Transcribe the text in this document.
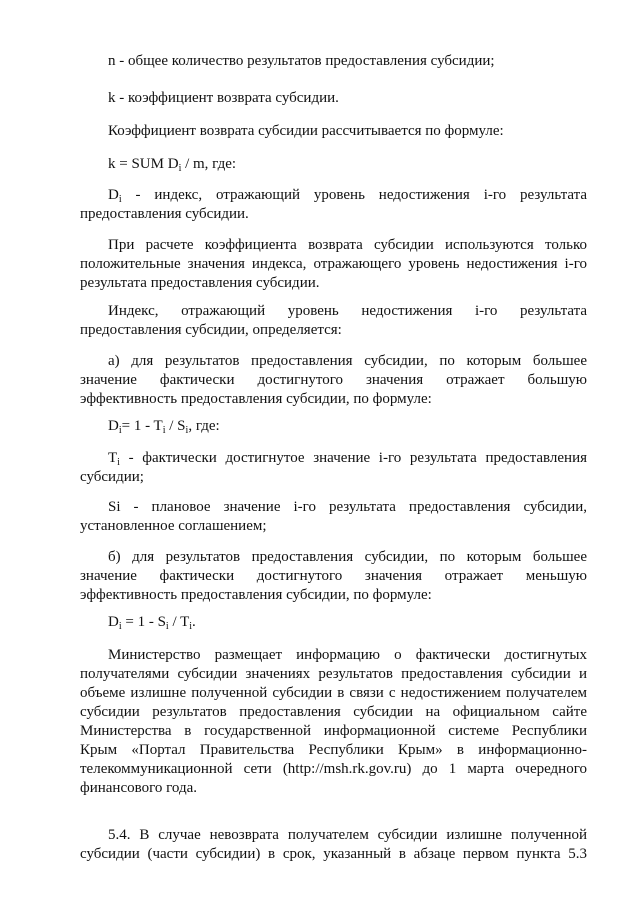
n - общее количество результатов предоставления субсидии;

k - коэффициент возврата субсидии.

Коэффициент возврата субсидии рассчитывается по формуле:

k = SUM $D_i$ / m, где:

$D_i$ - индекс, отражающий уровень недостижения i-го результата
предоставления субсидии.

При расчете коэффициента возврата субсидии используются только
положительные значения индекса, отражающего уровень недостижения i-го
результата предоставления субсидии.

Индекс, отражающий уровень недостижения i-го результата
предоставления субсидии, определяется:

а) для результатов предоставления субсидии, по которым большее
значение фактически достигнутого значения отражает большую
эффективность предоставления субсидии, по формуле:

$D_i= 1 - T_i / S_i$, где:

$T_i$ - фактически достигнутое значение i-го результата предоставления
субсидии;

Si - плановое значение i-го результата предоставления субсидии,
установленное соглашением;

б) для результатов предоставления субсидии, по которым большее
значение фактически достигнутого значения отражает меньшую
эффективность предоставления субсидии, по формуле:

$D_i = 1 - S_i / T_i$.

Министерство размещает информацию о фактически достигнутых
получателями субсидии значениях результатов предоставления субсидии и
объеме излишне полученной субсидии в связи с недостижением получателем
субсидии результатов предоставления субсидии на официальном сайте
Министерства в государственной информационной системе Республики
Крым «Портал Правительства Республики Крым» в информационно-
телекоммуникационной сети (http://msh.rk.gov.ru) до 1 марта очередного
финансового года.

5.4. В случае невозврата получателем субсидии излишне полученной
субсидии (части субсидии) в срок, указанный в абзаце первом пункта 5.3
